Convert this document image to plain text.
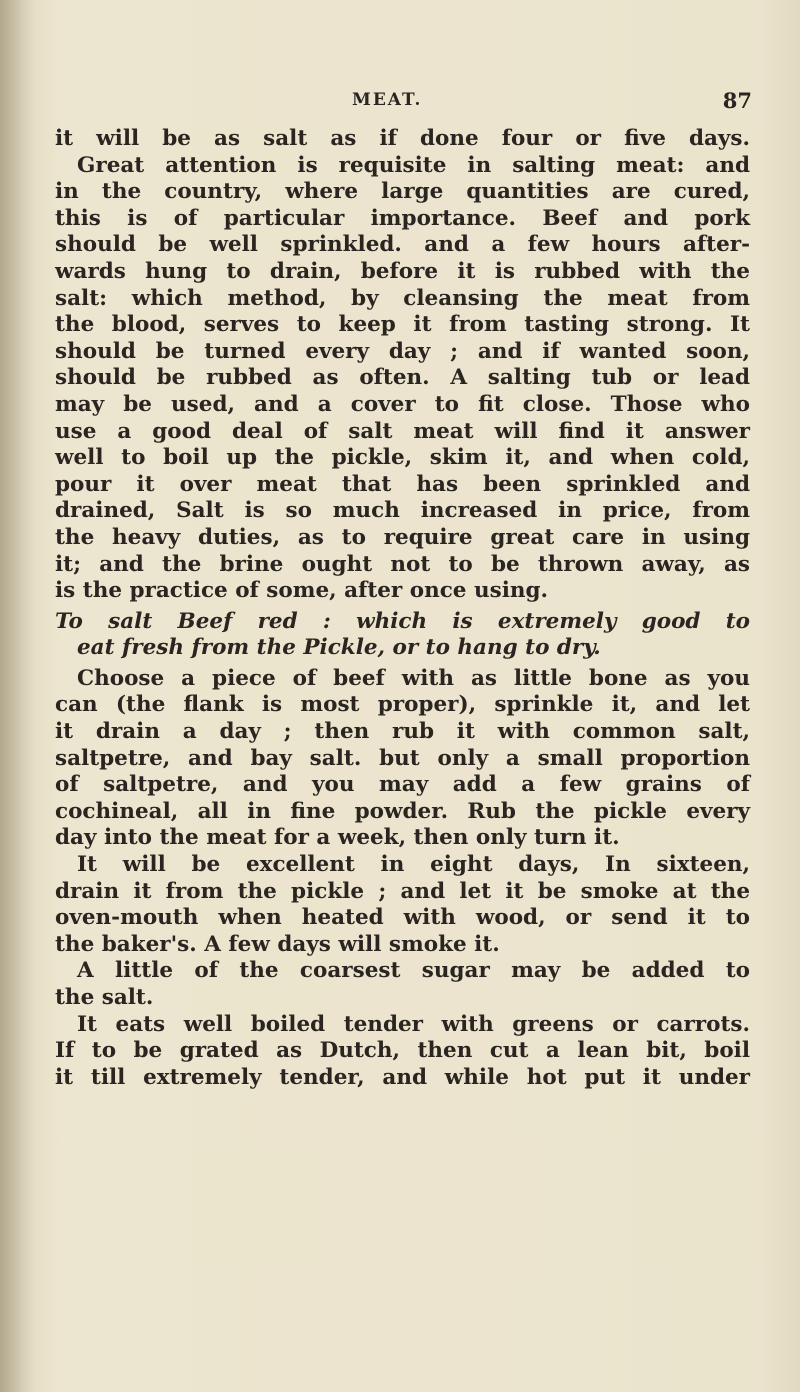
MEAT.	87
it will be as salt as if done four or five days.
Great attention is requisite in salting meat: and
in the country, where large quantities are cured,
this is of particular importance. Beef and pork
should be well sprinkled. and a few hours after-
wards hung to drain, before it is rubbed with the
salt: which method, by cleansing the meat from
the blood, serves to keep it from tasting strong. It
should be turned every day ; and if wanted soon,
should be rubbed as often. A salting tub or lead
may be used, and a cover to fit close. Those who
use a good deal of salt meat will find it answer
well to boil up the pickle, skim it, and when cold,
pour it over meat that has been sprinkled and
drained, Salt is so much increased in price, from
the heavy duties, as to require great care in using
it; and the brine ought not to be thrown away, as
is the practice of some, after once using.
To salt Beef red : which is extremely good to
eat fresh from the Pickle, or to hang to dry.
Choose a piece of beef with as little bone as you
can (the flank is most proper), sprinkle it, and let
it drain a day ; then rub it with common salt,
saltpetre, and bay salt. but only a small proportion
of saltpetre, and you may add a few grains of
cochineal, all in fine powder. Rub the pickle every
day into the meat for a week, then only turn it.
It will be excellent in eight days, In sixteen,
drain it from the pickle ; and let it be smoke at the
oven-mouth when heated with wood, or send it to
the baker's. A few days will smoke it.
A little of the coarsest sugar may be added to
the salt.
It eats well boiled tender with greens or carrots.
If to be grated as Dutch, then cut a lean bit, boil
it till extremely tender, and while hot put it under
